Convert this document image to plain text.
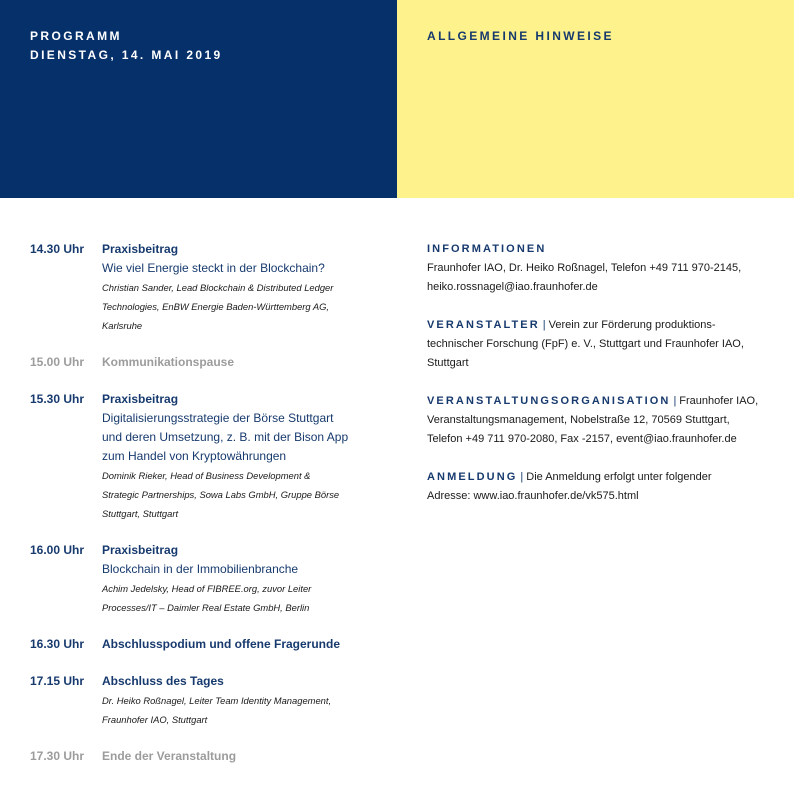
PROGRAMM
DIENSTAG, 14. MAI 2019
ALLGEMEINE HINWEISE
14.30 Uhr Praxisbeitrag
Wie viel Energie steckt in der Blockchain?
Christian Sander, Lead Blockchain & Distributed Ledger
Technologies, EnBW Energie Baden-Württemberg AG,
Karlsruhe
15.00 Uhr Kommunikationspause
15.30 Uhr Praxisbeitrag
Digitalisierungsstrategie der Börse Stuttgart
und deren Umsetzung, z. B. mit der Bison App
zum Handel von Kryptowährungen
Dominik Rieker, Head of Business Development &
Strategic Partnerships, Sowa Labs GmbH, Gruppe Börse
Stuttgart, Stuttgart
16.00 Uhr Praxisbeitrag
Blockchain in der Immobilienbranche
Achim Jedelsky, Head of FIBREE.org, zuvor Leiter
Processes/IT – Daimler Real Estate GmbH, Berlin
16.30 Uhr Abschlusspodium und offene Fragerunde
17.15 Uhr Abschluss des Tages
Dr. Heiko Roßnagel, Leiter Team Identity Management,
Fraunhofer IAO, Stuttgart
17.30 Uhr Ende der Veranstaltung
INFORMATIONEN
Fraunhofer IAO, Dr. Heiko Roßnagel, Telefon +49 711 970-2145,
heiko.rossnagel@iao.fraunhofer.de
VERANSTALTER | Verein zur Förderung produktions-
technischer Forschung (FpF) e. V., Stuttgart und Fraunhofer IAO,
Stuttgart
VERANSTALTUNGSORGANISATION | Fraunhofer IAO,
Veranstaltungsmanagement, Nobelstraße 12, 70569 Stuttgart,
Telefon +49 711 970-2080, Fax -2157, event@iao.fraunhofer.de
ANMELDUNG | Die Anmeldung erfolgt unter folgender
Adresse: www.iao.fraunhofer.de/vk575.html
